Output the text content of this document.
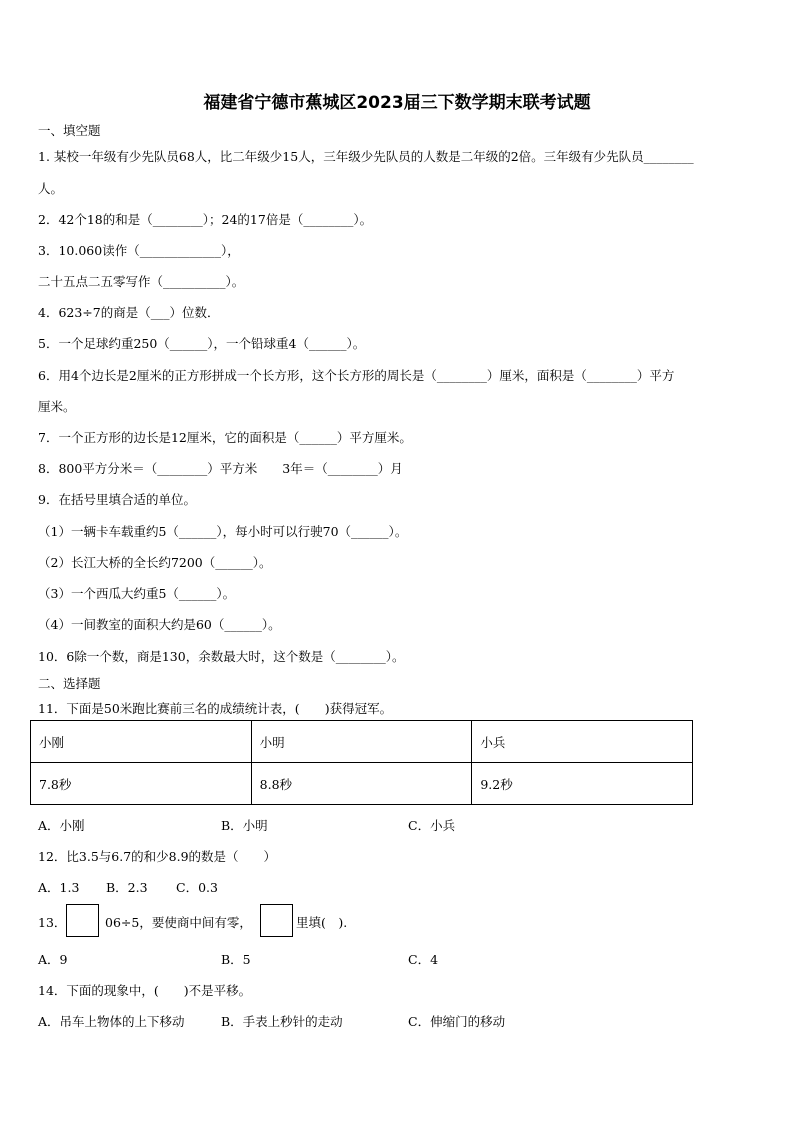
福建省宁德市蕉城区2023届三下数学期末联考试题
一、填空题
1. 某校一年级有少先队员68人，比二年级少15人，三年级少先队员的人数是二年级的2倍。三年级有少先队员________
人。
2．42个18的和是（________）；24的17倍是（________）。
3．10.060读作（_____________），
二十五点二五零写作（__________）。
4．623÷7的商是（___）位数．
5．一个足球约重250（______），一个铅球重4（______）。
6．用4个边长是2厘米的正方形拼成一个长方形，这个长方形的周长是（________）厘米，面积是（________）平方
厘米。
7．一个正方形的边长是12厘米，它的面积是（______）平方厘米。
8．800平方分米＝（________）平方米　　3年＝（________）月
9．在括号里填合适的单位。
（1）一辆卡车载重约5（______），每小时可以行驶70（______）。
（2）长江大桥的全长约7200（______）。
（3）一个西瓜大约重5（______）。
（4）一间教室的面积大约是60（______）。
10．6除一个数，商是130，余数最大时，这个数是（________）。
二、选择题
11．下面是50米跑比赛前三名的成绩统计表，(　　)获得冠军。
小刚	小明	小兵
7.8秒	8.8秒	9.2秒
A．小刚	B．小明	C．小兵
12．比3.5与6.7的和少8.9的数是（　　）
A．1.3 B．2.3 C．0.3
13．	06÷5，要使商中间有零，	里填(　).
A．9	B．5	C．4
14．下面的现象中，(　　)不是平移。
A．吊车上物体的上下移动	B．手表上秒针的走动	C．伸缩门的移动
